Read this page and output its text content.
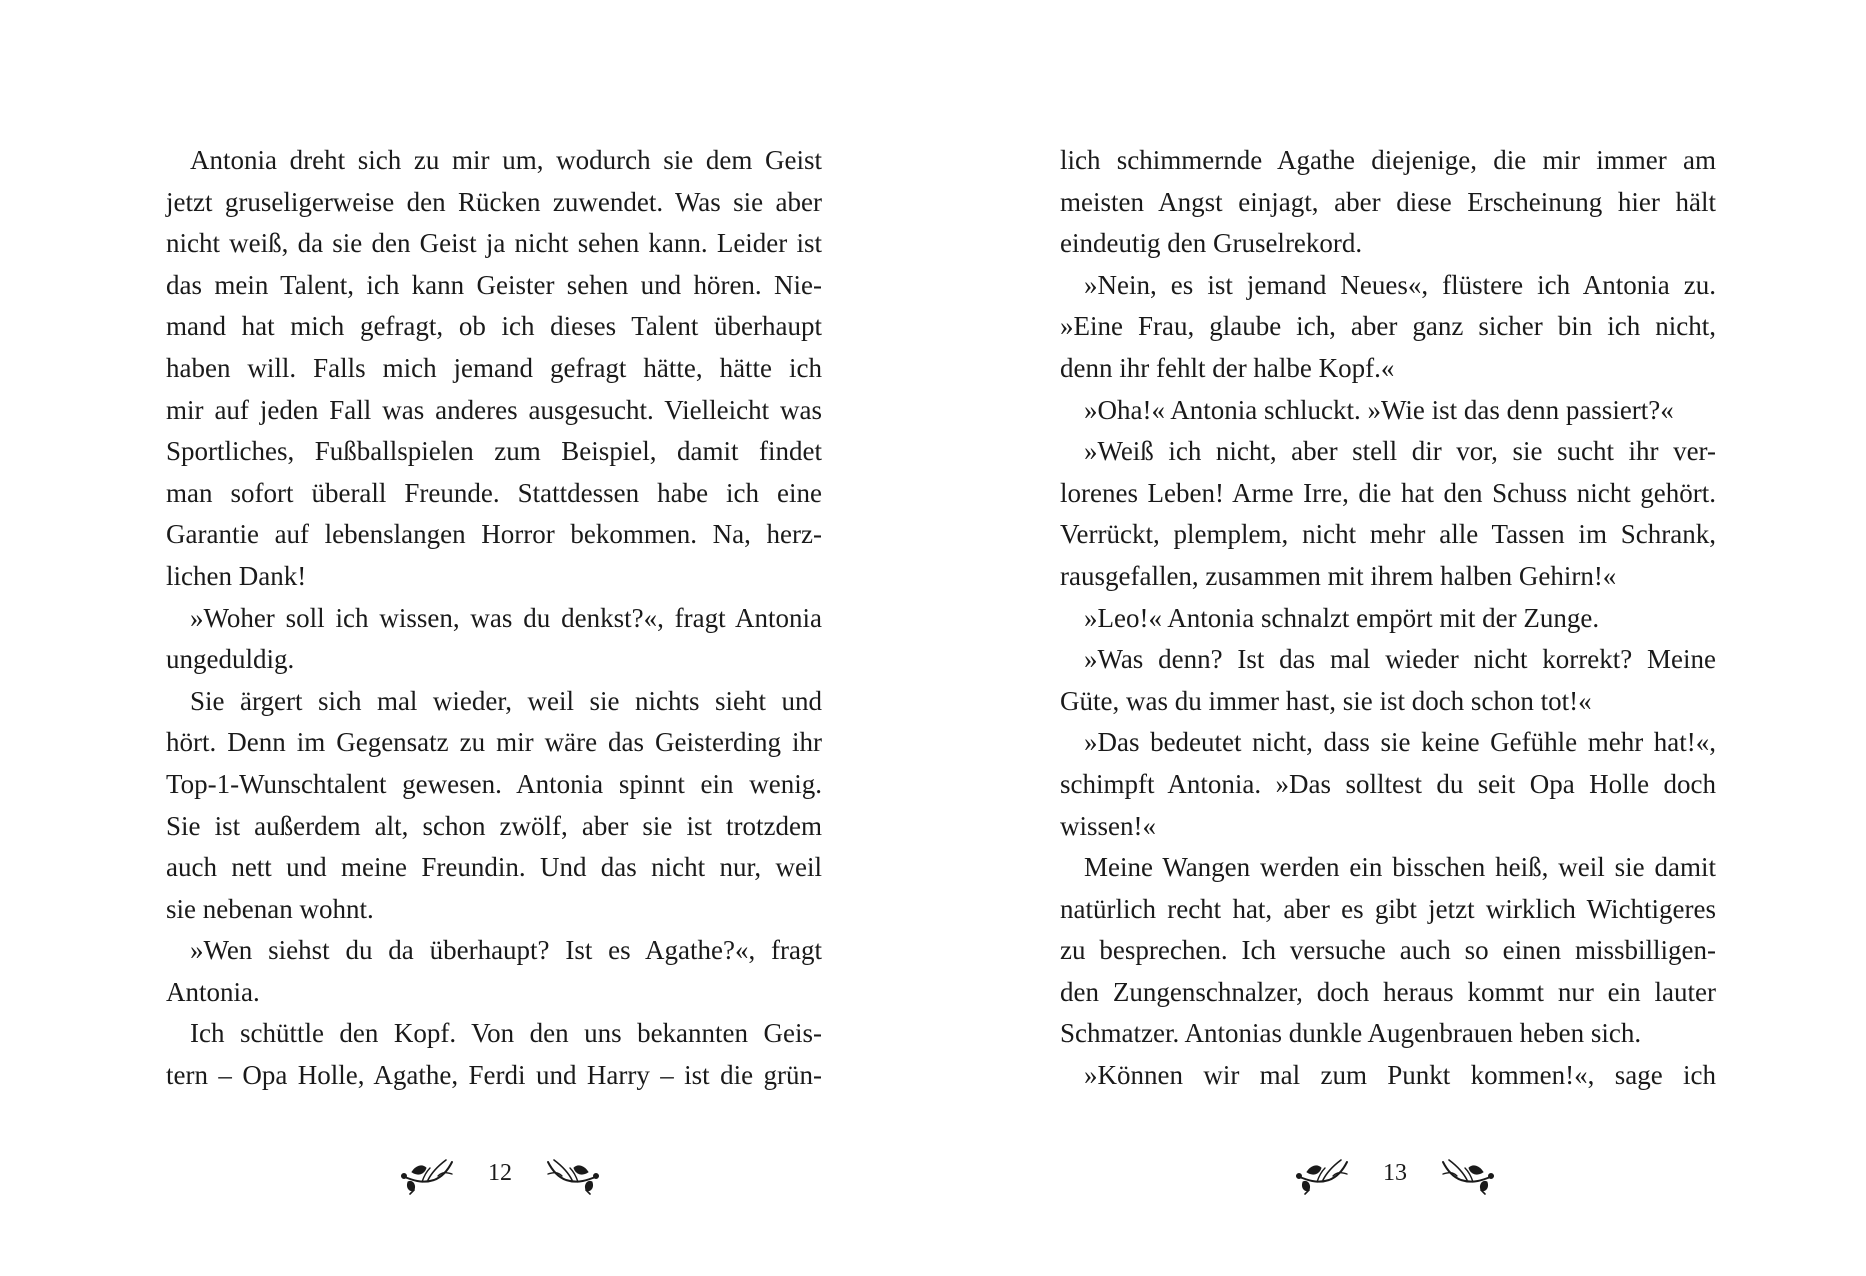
Antonia dreht sich zu mir um, wodurch sie dem Geist
jetzt gruseligerweise den Rücken zuwendet. Was sie aber
nicht weiß, da sie den Geist ja nicht sehen kann. Leider ist
das mein Talent, ich kann Geister sehen und hören. Nie-
mand hat mich gefragt, ob ich dieses Talent überhaupt
haben will. Falls mich jemand gefragt hätte, hätte ich
mir auf jeden Fall was anderes ausgesucht. Vielleicht was
Sportliches, Fußballspielen zum Beispiel, damit findet
man sofort überall Freunde. Stattdessen habe ich eine
Garantie auf lebenslangen Horror bekommen. Na, herz-
lichen Dank!
»Woher soll ich wissen, was du denkst?«, fragt Antonia
ungeduldig.
Sie ärgert sich mal wieder, weil sie nichts sieht und
hört. Denn im Gegensatz zu mir wäre das Geisterding ihr
Top-1-Wunschtalent gewesen. Antonia spinnt ein wenig.
Sie ist außerdem alt, schon zwölf, aber sie ist trotzdem
auch nett und meine Freundin. Und das nicht nur, weil
sie nebenan wohnt.
»Wen siehst du da überhaupt? Ist es Agathe?«, fragt
Antonia.
Ich schüttle den Kopf. Von den uns bekannten Geis-
tern – Opa Holle, Agathe, Ferdi und Harry – ist die grün-
12
lich schimmernde Agathe diejenige, die mir immer am
meisten Angst einjagt, aber diese Erscheinung hier hält
eindeutig den Gruselrekord.
»Nein, es ist jemand Neues«, flüstere ich Antonia zu.
»Eine Frau, glaube ich, aber ganz sicher bin ich nicht,
denn ihr fehlt der halbe Kopf.«
»Oha!« Antonia schluckt. »Wie ist das denn passiert?«
»Weiß ich nicht, aber stell dir vor, sie sucht ihr ver-
lorenes Leben! Arme Irre, die hat den Schuss nicht gehört.
Verrückt, plemplem, nicht mehr alle Tassen im Schrank,
rausgefallen, zusammen mit ihrem halben Gehirn!«
»Leo!« Antonia schnalzt empört mit der Zunge.
»Was denn? Ist das mal wieder nicht korrekt? Meine
Güte, was du immer hast, sie ist doch schon tot!«
»Das bedeutet nicht, dass sie keine Gefühle mehr hat!«,
schimpft Antonia. »Das solltest du seit Opa Holle doch
wissen!«
Meine Wangen werden ein bisschen heiß, weil sie damit
natürlich recht hat, aber es gibt jetzt wirklich Wichtigeres
zu besprechen. Ich versuche auch so einen missbilligen-
den Zungenschnalzer, doch heraus kommt nur ein lauter
Schmatzer. Antonias dunkle Augenbrauen heben sich.
»Können wir mal zum Punkt kommen!«, sage ich
13
